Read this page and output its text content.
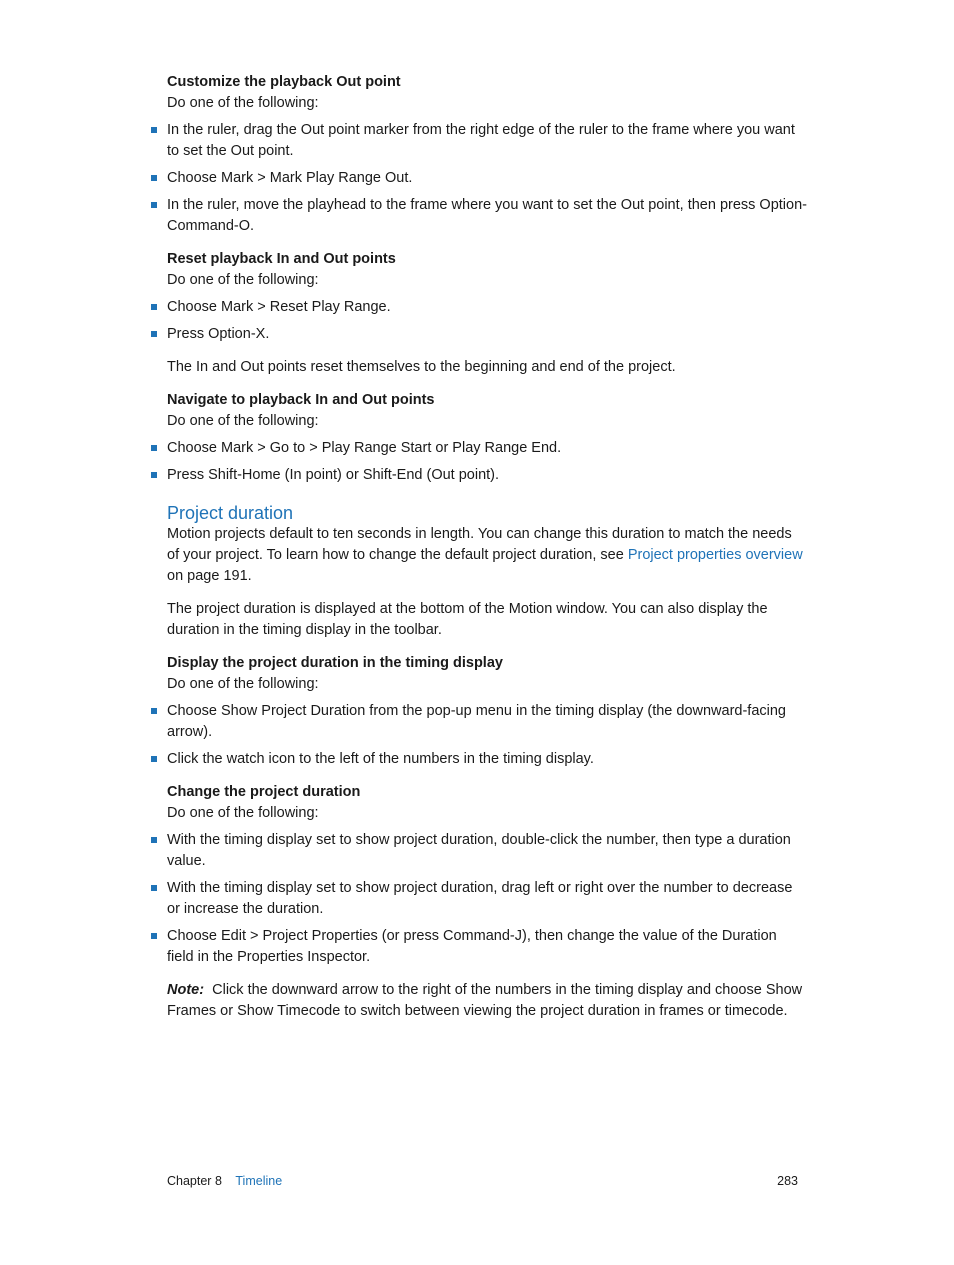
Customize the playback Out point

Do one of the following:

In the ruler, drag the Out point marker from the right edge of the ruler to the frame where you want to set the Out point.
Choose Mark > Mark Play Range Out.
In the ruler, move the playhead to the frame where you want to set the Out point, then press Option-Command-O.

Reset playback In and Out points

Do one of the following:

Choose Mark > Reset Play Range.
Press Option-X.

The In and Out points reset themselves to the beginning and end of the project.

Navigate to playback In and Out points

Do one of the following:

Choose Mark > Go to > Play Range Start or Play Range End.
Press Shift-Home (In point) or Shift-End (Out point).
Project duration

Motion projects default to ten seconds in length. You can change this duration to match the needs of your project. To learn how to change the default project duration, see Project properties overview on page 191.

The project duration is displayed at the bottom of the Motion window. You can also display the duration in the timing display in the toolbar.

Display the project duration in the timing display

Do one of the following:

Choose Show Project Duration from the pop-up menu in the timing display (the downward-facing arrow).
Click the watch icon to the left of the numbers in the timing display.

Change the project duration

Do one of the following:

With the timing display set to show project duration, double-click the number, then type a duration value.
With the timing display set to show project duration, drag left or right over the number to decrease or increase the duration.
Choose Edit > Project Properties (or press Command-J), then change the value of the Duration field in the Properties Inspector.

Note: Click the downward arrow to the right of the numbers in the timing display and choose Show Frames or Show Timecode to switch between viewing the project duration in frames or timecode.

Chapter 8 Timeline	283
